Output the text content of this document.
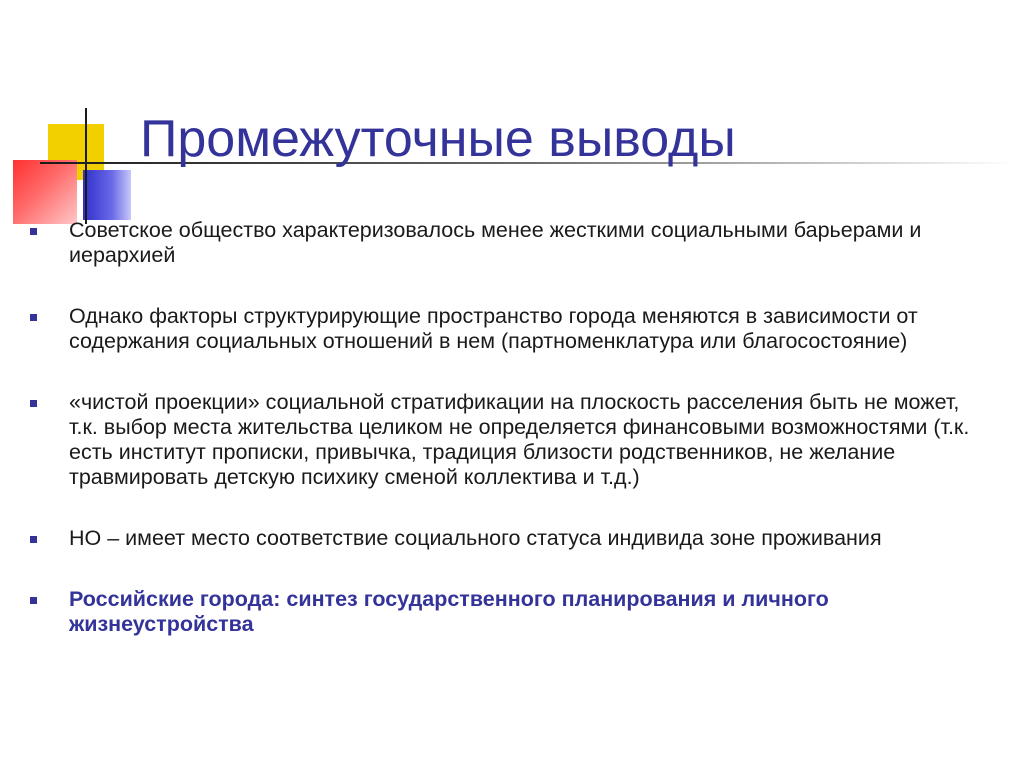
Промежуточные выводы
Советское общество характеризовалось менее жесткими социальными барьерами и иерархией
Однако факторы структурирующие пространство города меняются в зависимости от содержания социальных отношений в нем (партноменклатура или благосостояние)
«чистой проекции» социальной стратификации на плоскость расселения быть не может, т.к. выбор места жительства целиком не определяется финансовыми возможностями (т.к. есть институт прописки, привычка, традиция близости родственников, не желание травмировать детскую психику сменой коллектива и т.д.)
НО – имеет место соответствие социального статуса индивида зоне проживания
Российские города: синтез государственного планирования и личного жизнеустройства
